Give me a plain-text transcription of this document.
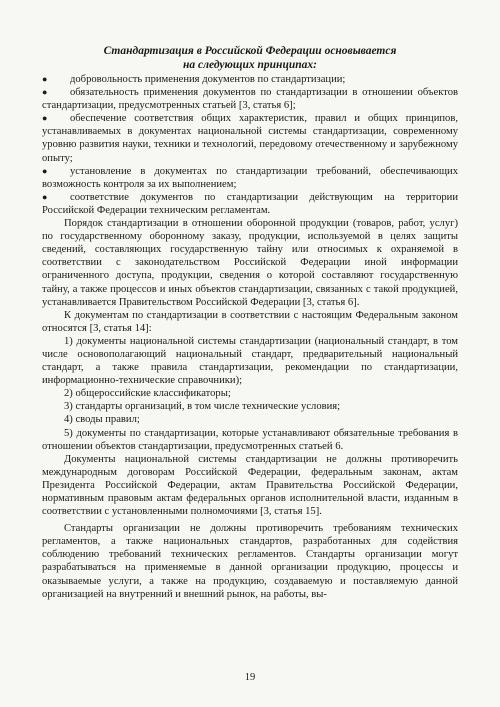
Стандартизация в Российской Федерации основывается
на следующих принципах:

●	добровольность применения документов по стандартизации;

●	обязательность применения документов по стандартизации в отношении объектов стандартизации, предусмотренных статьей [3, статья 6];

●	обеспечение соответствия общих характеристик, правил и общих принципов, устанавливаемых в документах национальной системы стандартизации, современному уровню развития науки, техники и технологий, передовому отечественному и зарубежному опыту;

●	установление в документах по стандартизации требований, обеспечивающих возможность контроля за их выполнением;

●	соответствие документов по стандартизации действующим на территории Российской Федерации техническим регламентам.

Порядок стандартизации в отношении оборонной продукции (товаров, работ, услуг) по государственному оборонному заказу, продукции, используемой в целях защиты сведений, составляющих государственную тайну или относимых к охраняемой в соответствии с законодательством Российской Федерации иной информации ограниченного доступа, продукции, сведения о которой составляют государственную тайну, а также процессов и иных объектов стандартизации, связанных с такой продукцией, устанавливается Правительством Российской Федерации [3, статья 6].

К документам по стандартизации в соответствии с настоящим Федеральным законом относятся [3, статья 14]:

1) документы национальной системы стандартизации (национальный стандарт, в том числе основополагающий национальный стандарт, предварительный национальный стандарт, а также правила стандартизации, рекомендации по стандартизации, информационно-технические справочники);

2) общероссийские классификаторы;

3) стандарты организаций, в том числе технические условия;

4) своды правил;

5) документы по стандартизации, которые устанавливают обязательные требования в отношении объектов стандартизации, предусмотренных статьей 6.

Документы национальной системы стандартизации не должны противоречить международным договорам Российской Федерации, федеральным законам, актам Президента Российской Федерации, актам Правительства Российской Федерации, нормативным правовым актам федеральных органов исполнительной власти, изданным в соответствии с установленными полномочиями [3, статья 15].

Стандарты организации не должны противоречить требованиям технических регламентов, а также национальных стандартов, разработанных для содействия соблюдению требований технических регламентов. Стандарты организации могут разрабатываться на применяемые в данной организации продукцию, процессы и оказываемые услуги, а также на продукцию, создаваемую и поставляемую данной организацией на внутренний и внешний рынок, на работы, вы-

19
